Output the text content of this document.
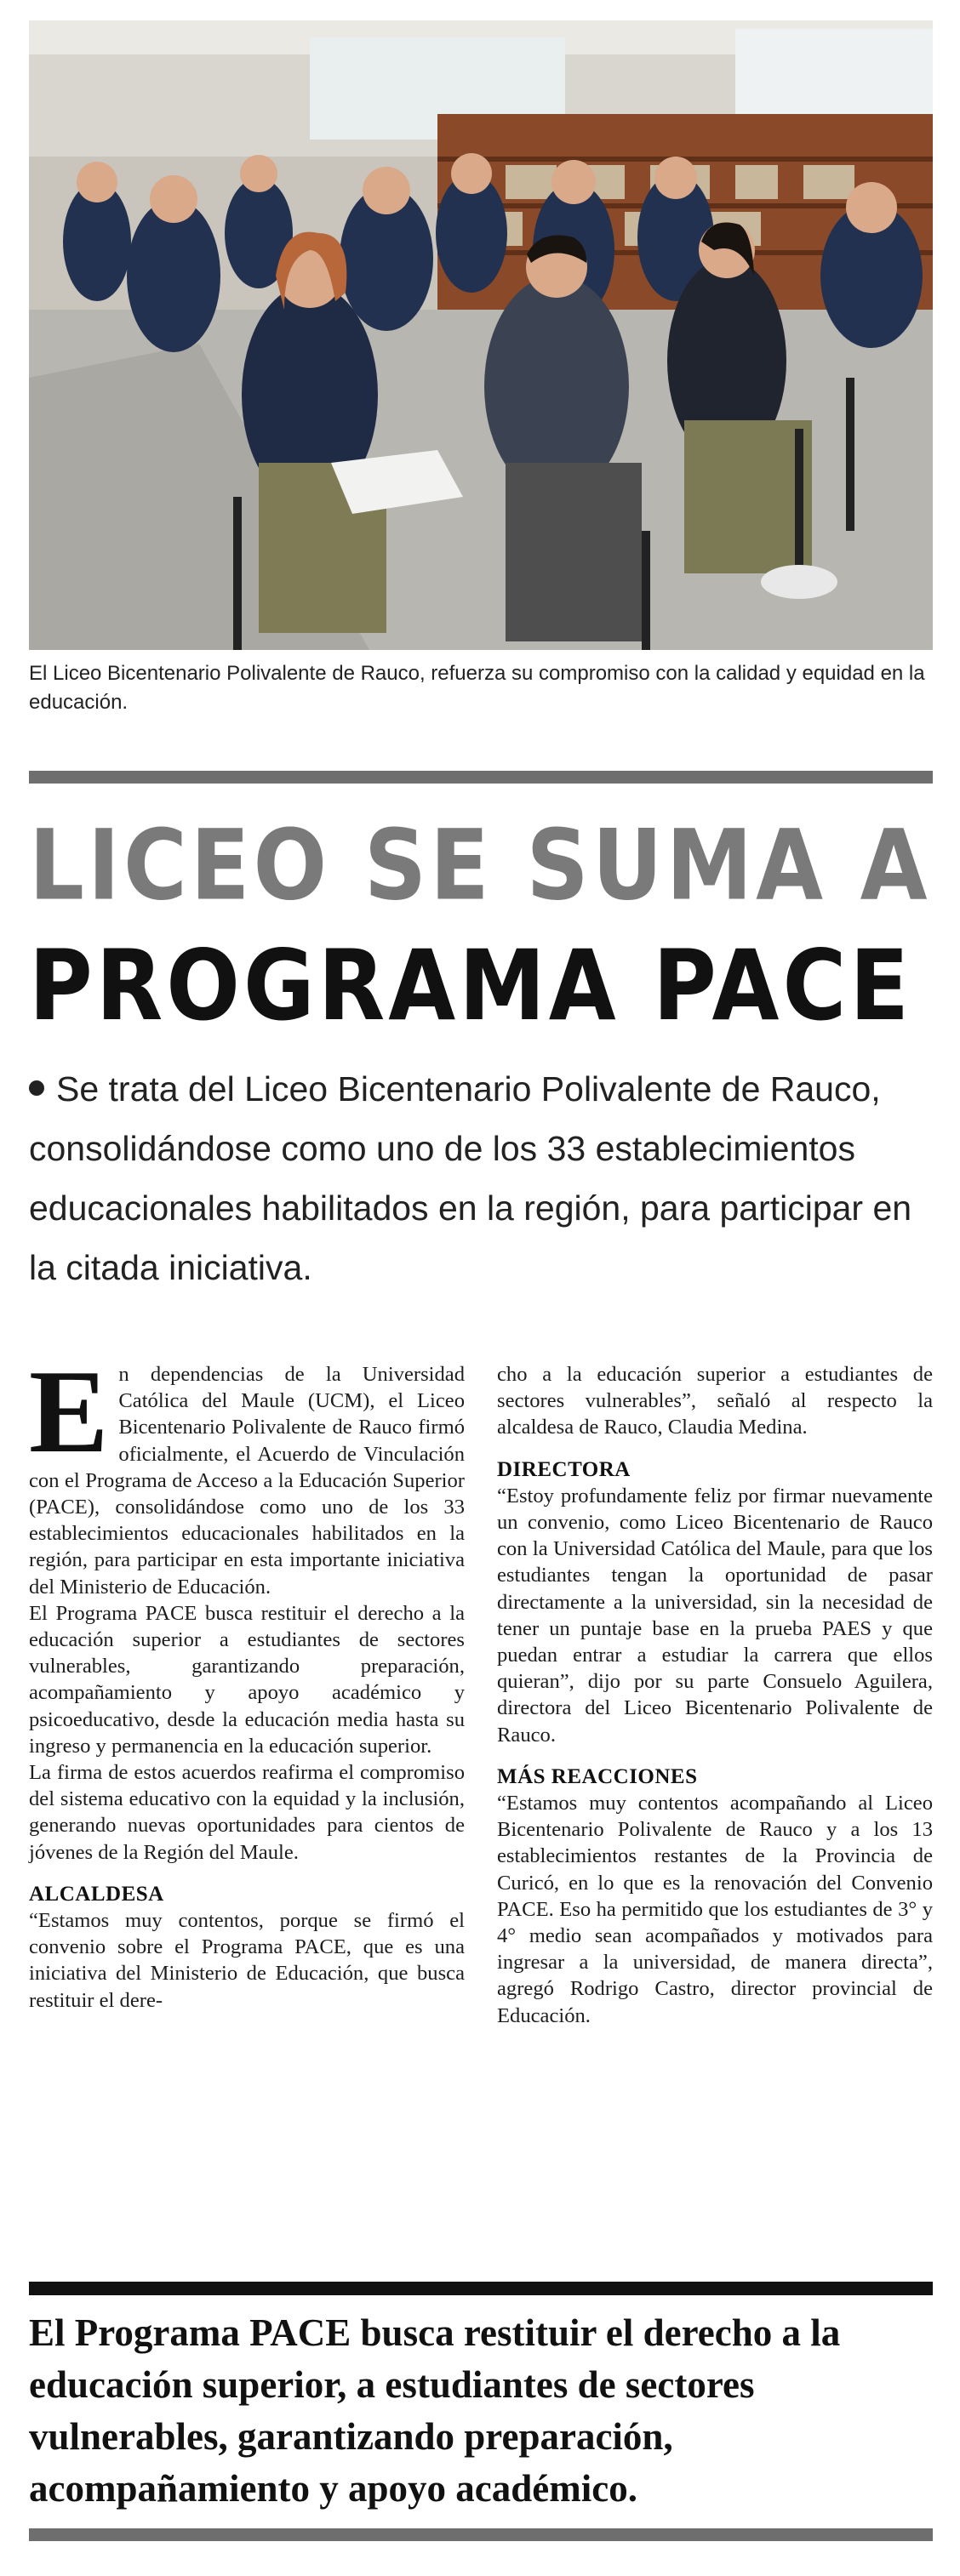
El Liceo Bicentenario Polivalente de Rauco, refuerza su compromiso con la calidad y equidad en la educación.
LICEO SE SUMA A
PROGRAMA PACE
Se trata del Liceo Bicentenario Polivalente de Rauco, consolidándose como uno de los 33 establecimientos educacionales habilitados en la región, para participar en la citada iniciativa.
E n dependencias de la Universidad Católica del Maule (UCM), el Liceo Bicentenario Polivalente de Rauco firmó oficialmente, el Acuerdo de Vinculación con el Programa de Acceso a la Educación Superior (PACE), consolidándose como uno de los 33 establecimientos educacionales habilitados en la región, para participar en esta importante iniciativa del Ministerio de Educación.

El Programa PACE busca restituir el derecho a la educación superior a estudiantes de sectores vulnerables, garantizando preparación, acompañamiento y apoyo académico y psicoeducativo, desde la educación media hasta su ingreso y permanencia en la educación superior.

La firma de estos acuerdos reafirma el compromiso del sistema educativo con la equidad y la inclusión, generando nuevas oportunidades para cientos de jóvenes de la Región del Maule.

ALCALDESA

“Estamos muy contentos, porque se firmó el convenio sobre el Programa PACE, que es una iniciativa del Ministerio de Educación, que busca restituir el dere-

cho a la educación superior a estudiantes de sectores vulnerables”, señaló al respecto la alcaldesa de Rauco, Claudia Medina.

DIRECTORA

“Estoy profundamente feliz por firmar nuevamente un convenio, como Liceo Bicentenario de Rauco con la Universidad Católica del Maule, para que los estudiantes tengan la oportunidad de pasar directamente a la universidad, sin la necesidad de tener un puntaje base en la prueba PAES y que puedan entrar a estudiar la carrera que ellos quieran”, dijo por su parte Consuelo Aguilera, directora del Liceo Bicentenario Polivalente de Rauco.

MÁS REACCIONES

“Estamos muy contentos acompañando al Liceo Bicentenario Polivalente de Rauco y a los 13 establecimientos restantes de la Provincia de Curicó, en lo que es la renovación del Convenio PACE. Eso ha permitido que los estudiantes de 3° y 4° medio sean acompañados y motivados para ingresar a la universidad, de manera directa”, agregó Rodrigo Castro, director provincial de Educación.

El Programa PACE busca restituir el derecho a la educación superior, a estudiantes de sectores vulnerables, garantizando preparación, acompañamiento y apoyo académico.
